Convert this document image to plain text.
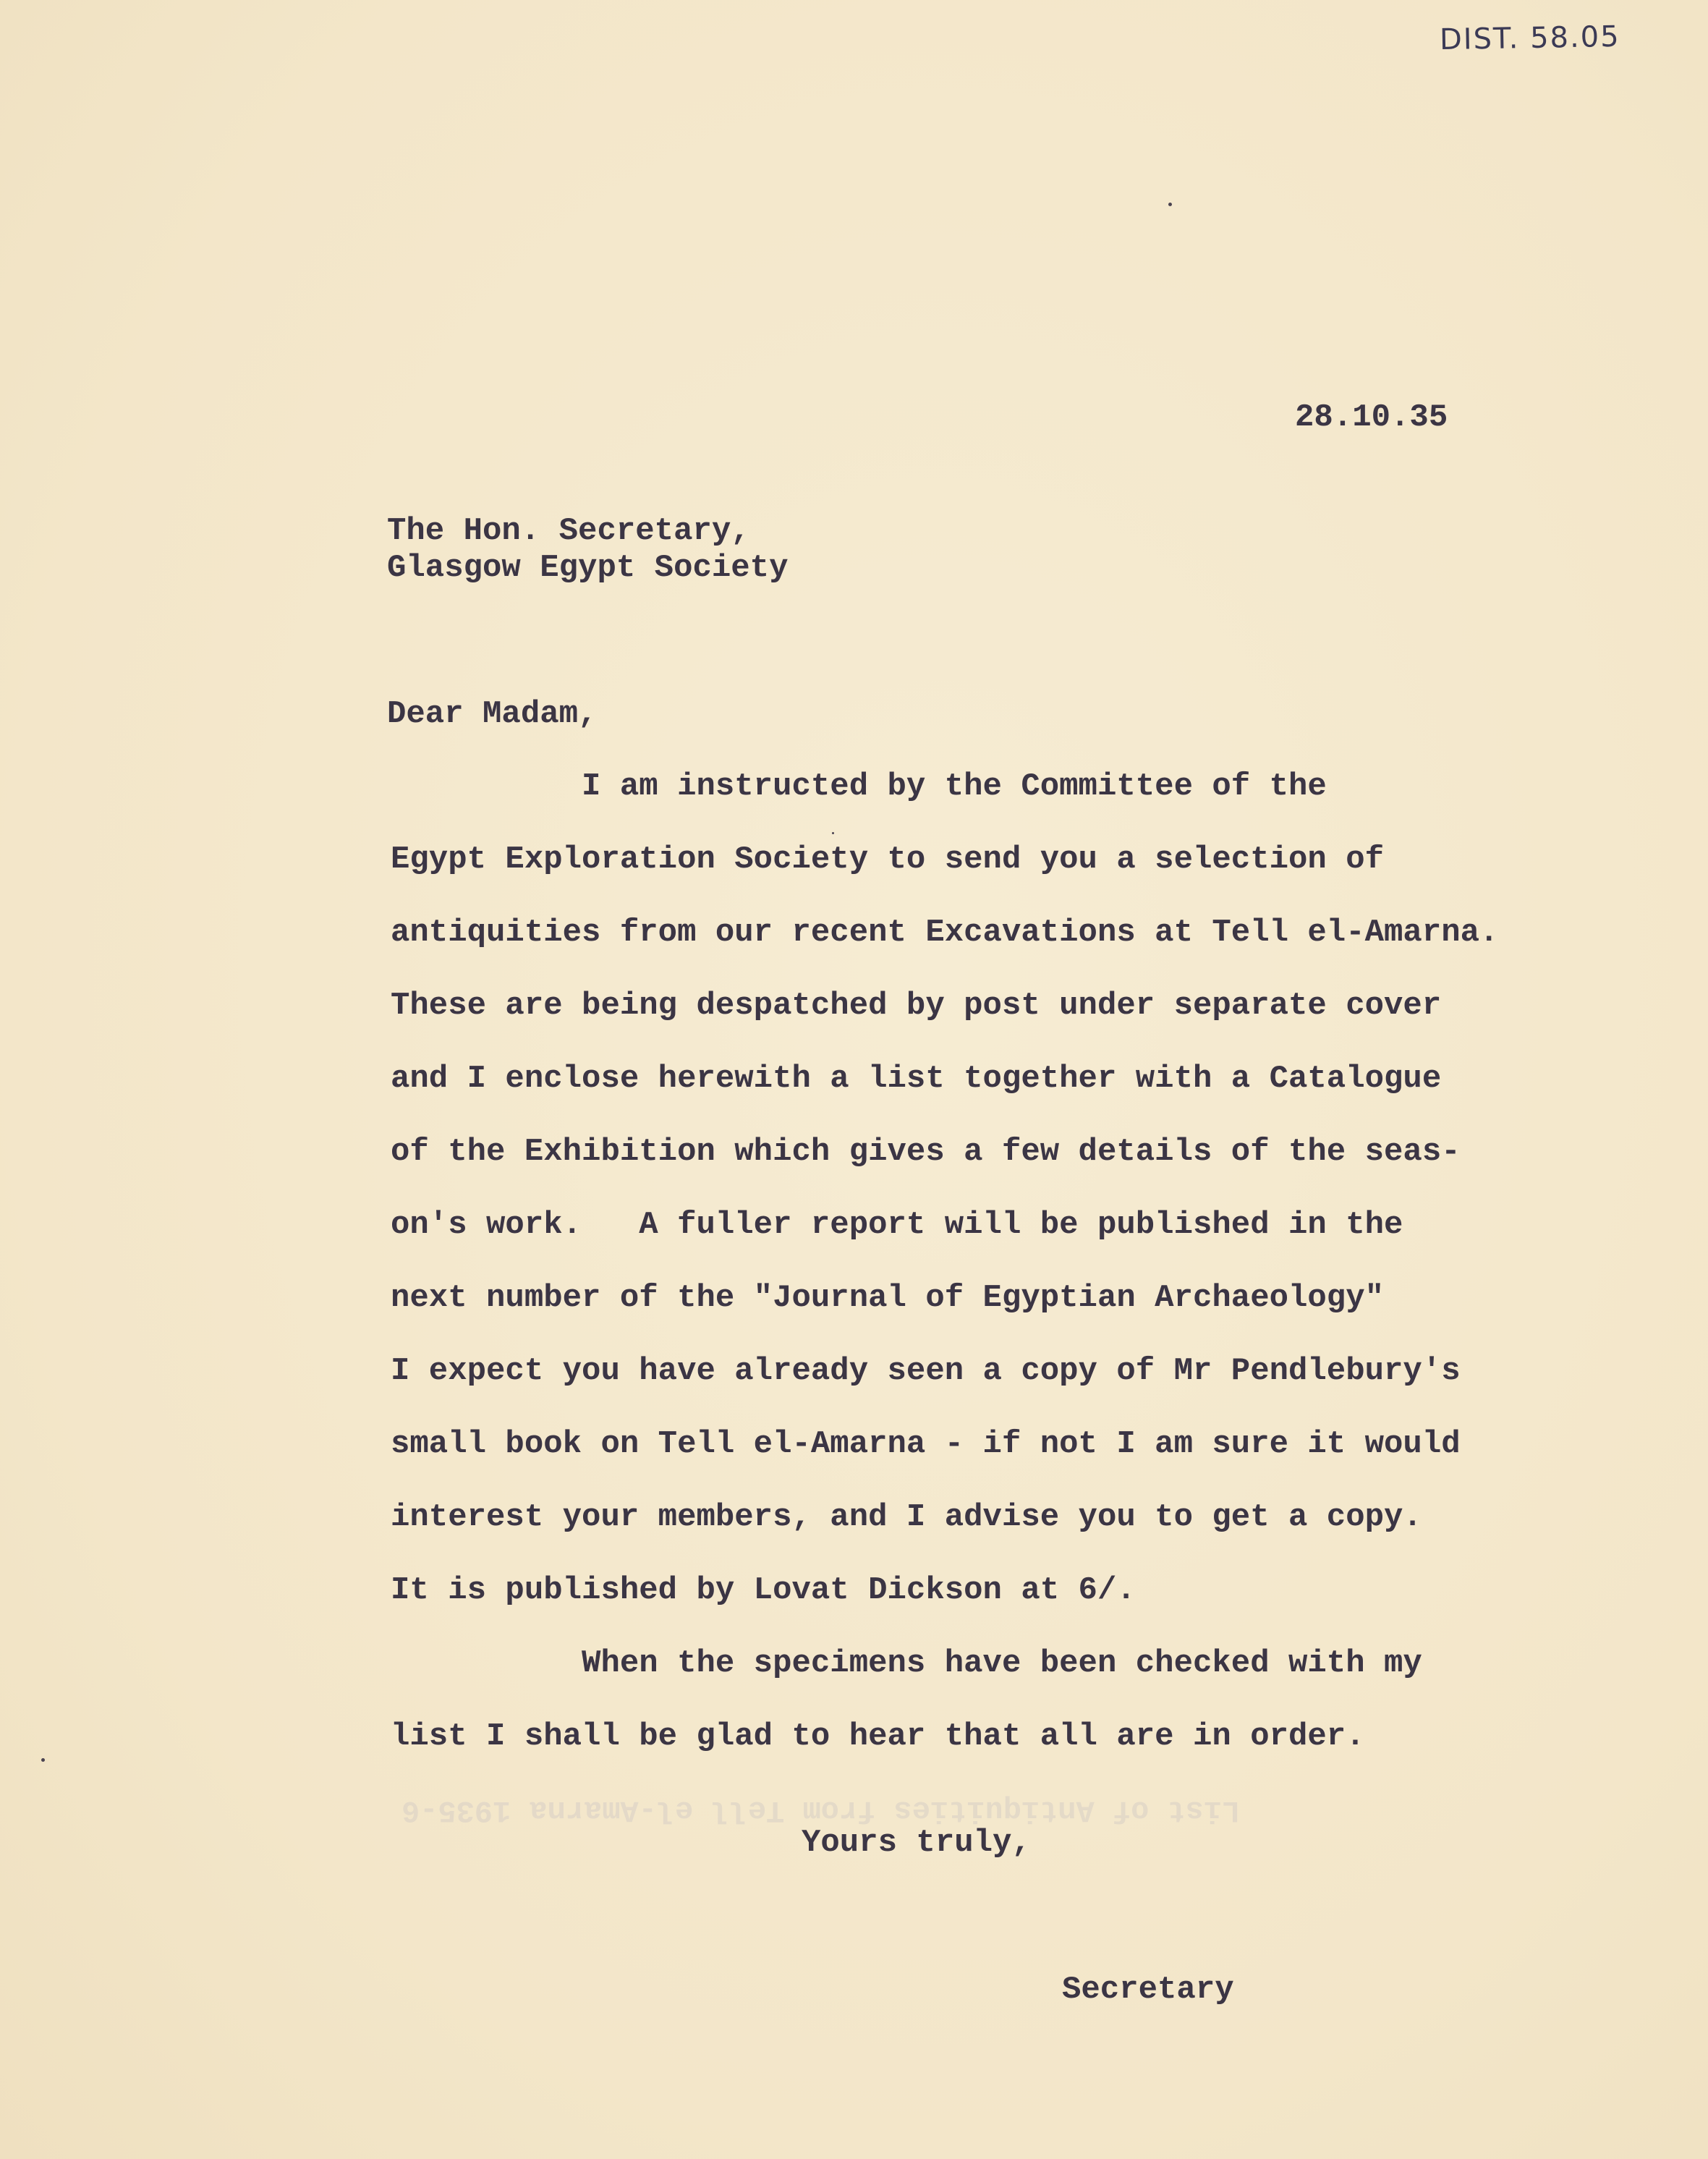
DIST. 58.05
28.10.35
The Hon. Secretary,
Glasgow Egypt Society
Dear Madam,
I am instructed by the Committee of the
Egypt Exploration Society to send you a selection of
antiquities from our recent Excavations at Tell el-Amarna.
These are being despatched by post under separate cover
and I enclose herewith a list together with a Catalogue
of the Exhibition which gives a few details of the seas-
on's work.   A fuller report will be published in the
next number of the "Journal of Egyptian Archaeology"
I expect you have already seen a copy of Mr Pendlebury's
small book on Tell el-Amarna - if not I am sure it would
interest your members, and I advise you to get a copy.
It is published by Lovat Dickson at 6/.
When the specimens have been checked with my
list I shall be glad to hear that all are in order.
List of Antiquities from Tell el-Amarna 1935-6
Yours truly,
Secretary
